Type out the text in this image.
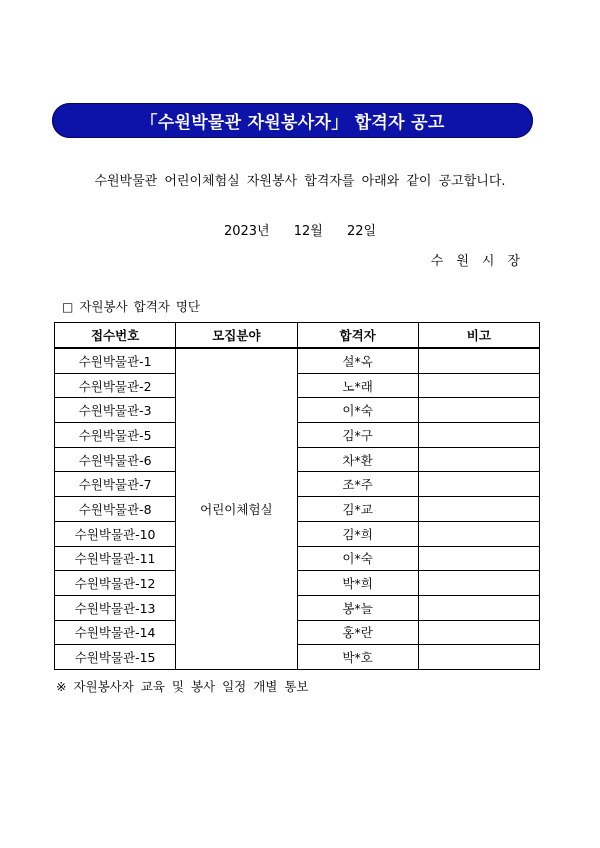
「수원박물관 자원봉사자」 합격자 공고
수원박물관 어린이체험실 자원봉사 합격자를 아래와 같이 공고합니다.
2023년 12월 22일
수원시장
□ 자원봉사 합격자 명단
접수번호	모집분야	합격자	비고
수원박물관-1	어린이체험실	설*옥	
수원박물관-2		노*래	
수원박물관-3		이*숙	
수원박물관-5		김*구	
수원박물관-6		차*환	
수원박물관-7		조*주	
수원박물관-8		김*교	
수원박물관-10		김*희	
수원박물관-11		이*숙	
수원박물관-12		박*희	
수원박물관-13		봉*늘	
수원박물관-14		홍*란	
수원박물관-15		박*호	
※ 자원봉사자 교육 및 봉사 일정 개별 통보
